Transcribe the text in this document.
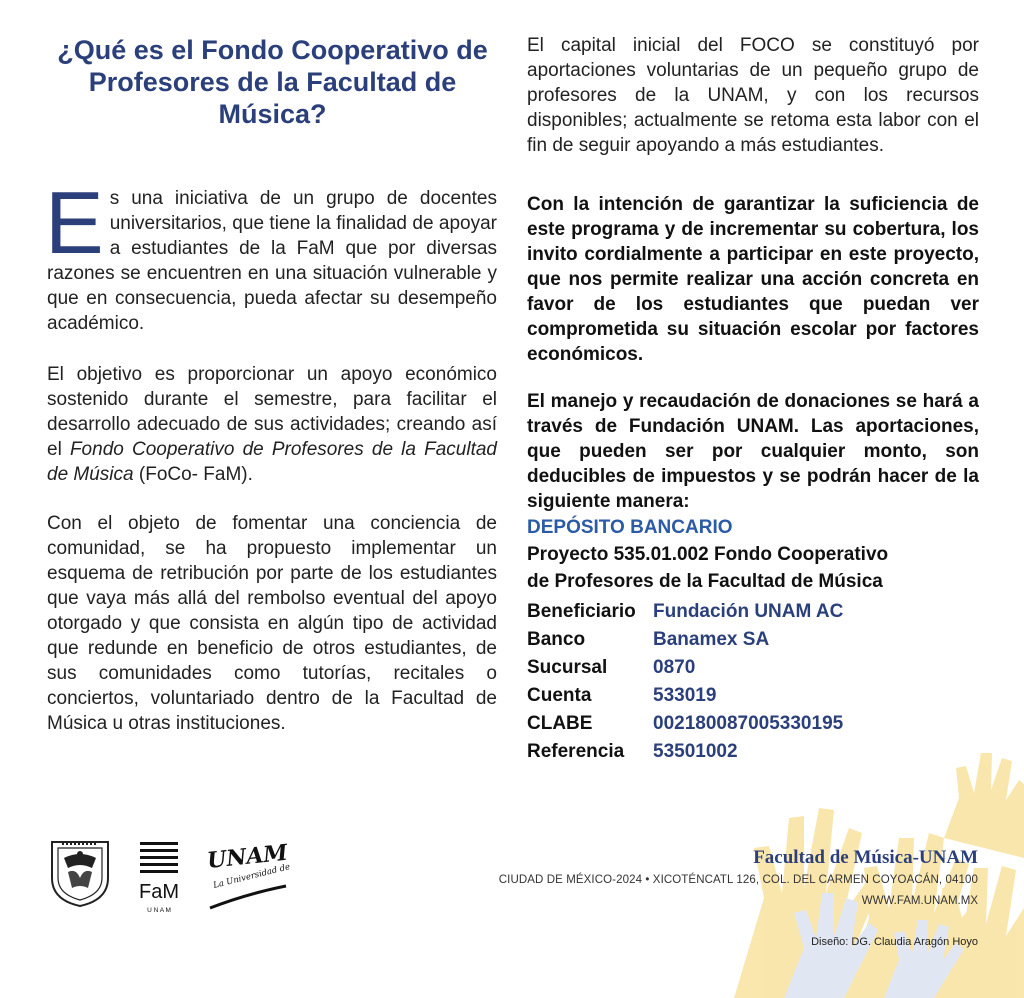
¿Qué es el Fondo Cooperativo de Profesores de la Facultad de Música?

Es una iniciativa de un grupo de docentes universitarios, que tiene la finalidad de apoyar a estudiantes de la FaM que por diversas razones se encuentren en una situación vulnerable y que en consecuencia, pueda afectar su desempeño académico.

El objetivo es proporcionar un apoyo económico sostenido durante el semestre, para facilitar el desarrollo adecuado de sus actividades; creando así el Fondo Cooperativo de Profesores de la Facultad de Música (FoCo- FaM).

Con el objeto de fomentar una conciencia de comunidad, se ha propuesto implementar un esquema de retribución por parte de los estudiantes que vaya más allá del rembolso eventual del apoyo otorgado y que consista en algún tipo de actividad que redunde en beneficio de otros estudiantes, de sus comunidades como tutorías, recitales o conciertos, voluntariado dentro de la Facultad de Música u otras instituciones.

El capital inicial del FOCO se constituyó por aportaciones voluntarias de un pequeño grupo de profesores de la UNAM, y con los recursos disponibles; actualmente se retoma esta labor con el fin de seguir apoyando a más estudiantes.

Con la intención de garantizar la suficiencia de este programa y de incrementar su cobertura, los invito cordialmente a participar en este proyecto, que nos permite realizar una acción concreta en favor de los estudiantes que puedan ver comprometida su situación escolar por factores económicos.

El manejo y recaudación de donaciones se hará a través de Fundación UNAM. Las aportaciones, que pueden ser por cualquier monto, son deducibles de impuestos y se podrán hacer de la siguiente manera:

DEPÓSITO BANCARIO
Proyecto 535.01.002 Fondo Cooperativo
de Profesores de la Facultad de Música
Beneficiario	Fundación UNAM AC
Banco	Banamex SA
Sucursal	0870
Cuenta	533019
CLABE	002180087005330195
Referencia	53501002
FaM
U N A M
UNAM
La Universidad de
Facultad de Música-UNAM
CIUDAD DE MÉXICO-2024 • XICOTÉNCATL 126, COL. DEL CARMEN COYOACÁN, 04100
WWW.FAM.UNAM.MX
Diseño: DG. Claudia Aragón Hoyo
